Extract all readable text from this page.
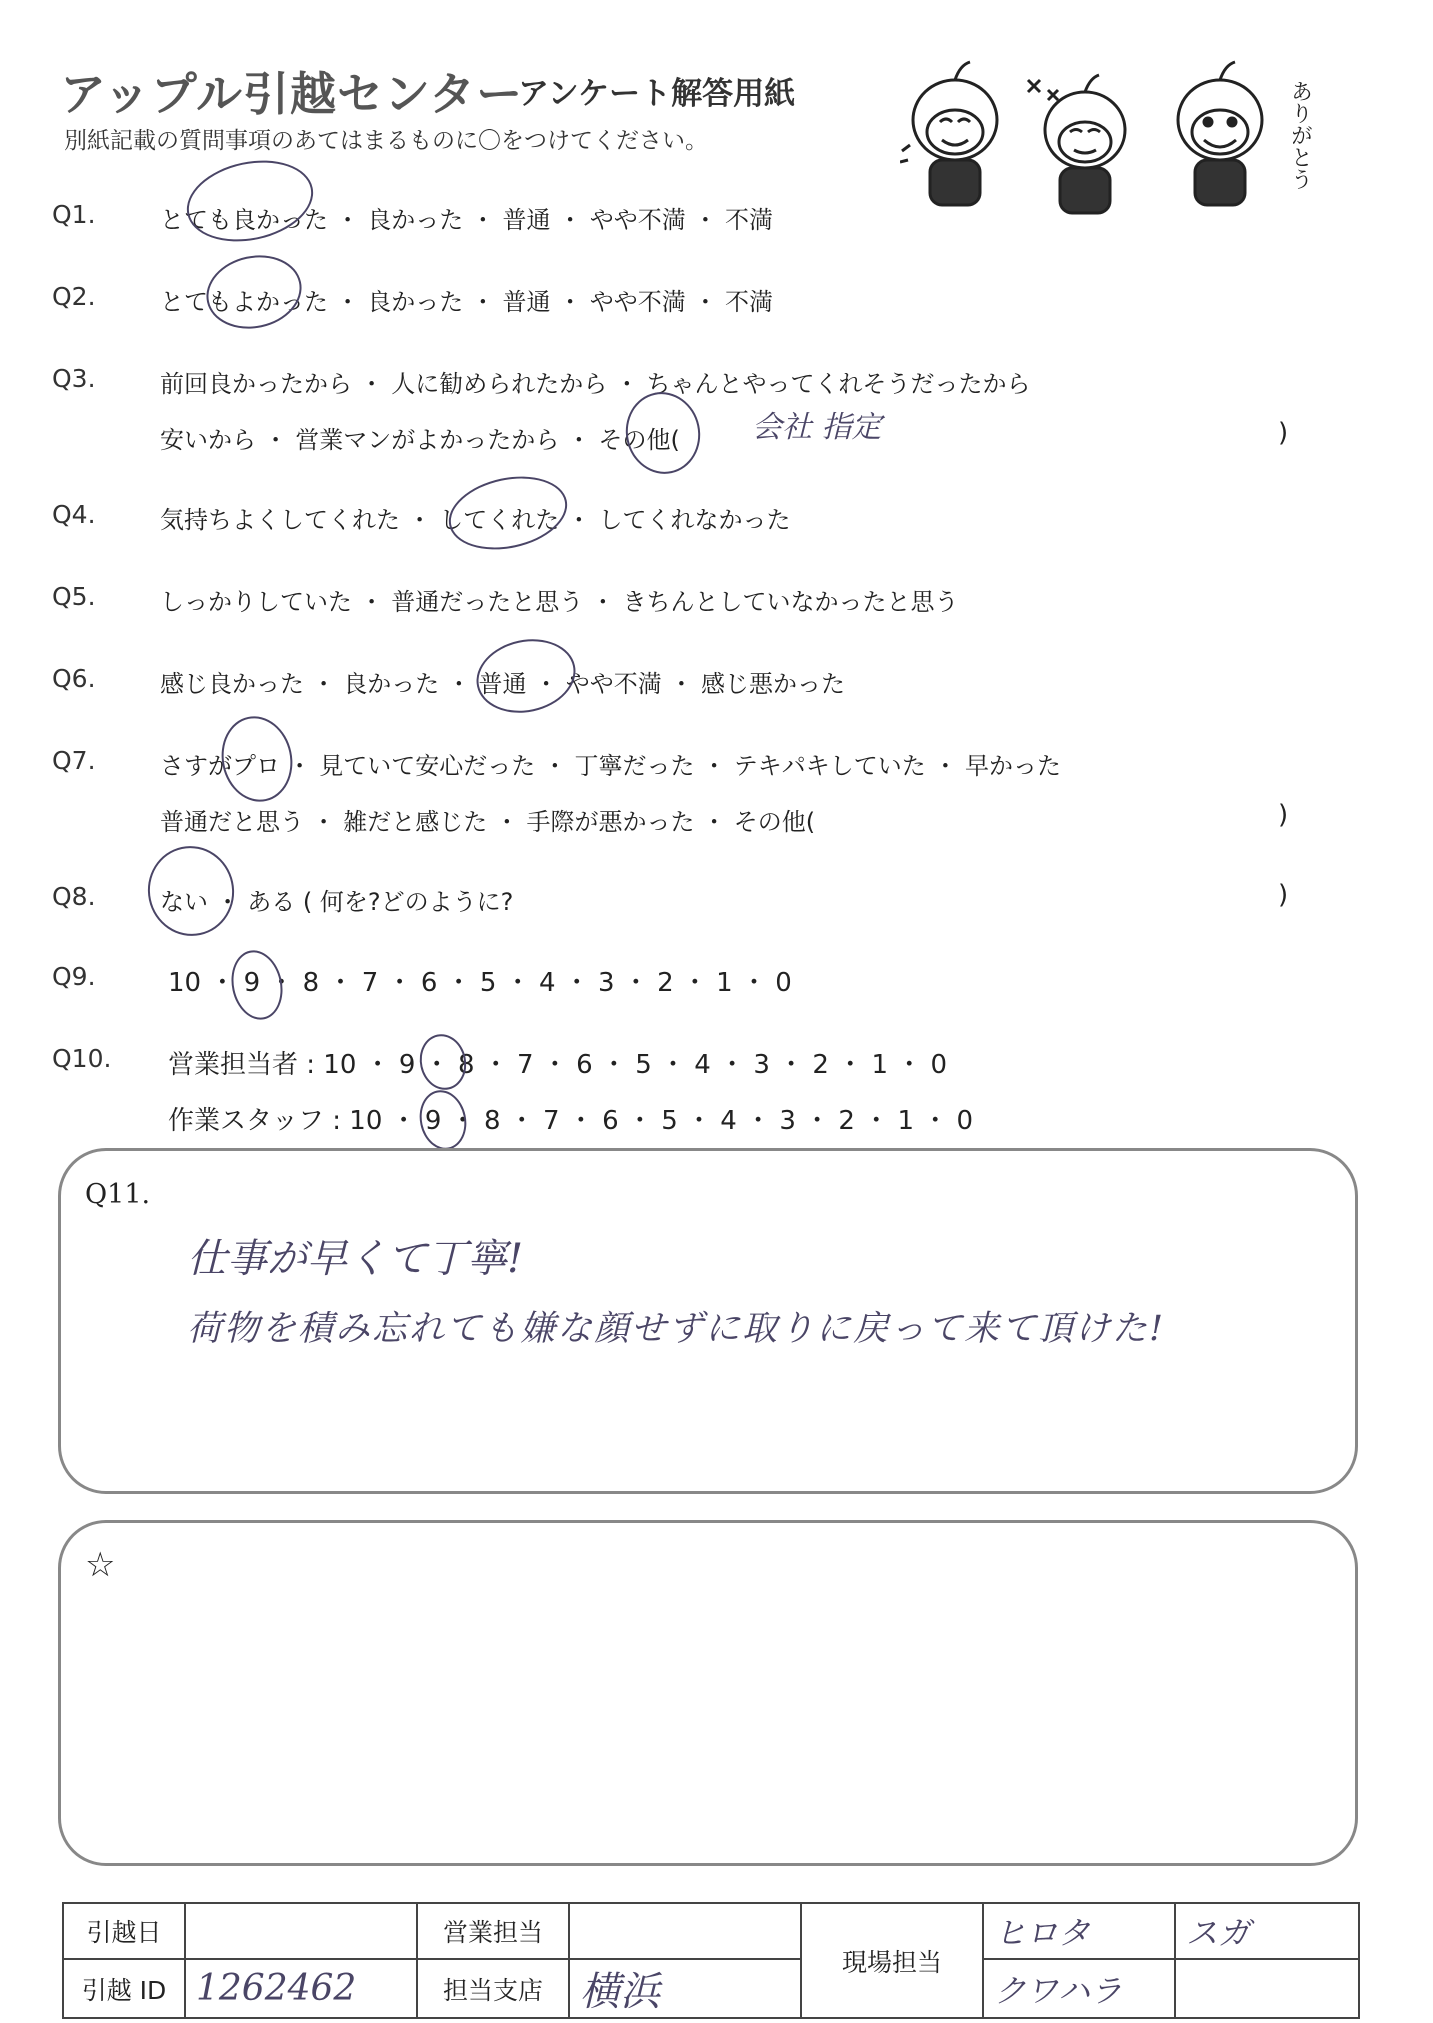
アップル引越センター
アンケート解答用紙
別紙記載の質問事項のあてはまるものに〇をつけてください。	ありがとう
Q1.	とても良かった ・ 良かった ・ 普通 ・ やや不満 ・ 不満
Q2.	とてもよかった ・ 良かった ・ 普通 ・ やや不満 ・ 不満
Q3.	前回良かったから ・ 人に勧められたから ・ ちゃんとやってくれそうだったから
安いから ・ 営業マンがよかったから ・ その他(	)
会社 指定
Q4.	気持ちよくしてくれた ・ してくれた ・ してくれなかった
Q5.	しっかりしていた ・ 普通だったと思う ・ きちんとしていなかったと思う
Q6.	感じ良かった ・ 良かった ・ 普通 ・ やや不満 ・ 感じ悪かった
Q7.	さすがプロ ・ 見ていて安心だった ・ 丁寧だった ・ テキパキしていた ・ 早かった
普通だと思う ・ 雑だと感じた ・ 手際が悪かった ・ その他(	)
Q8.	ない ・ ある ( 何を?どのように?	)
Q9.	10 ・ 9 ・ 8 ・ 7 ・ 6 ・ 5 ・ 4 ・ 3 ・ 2 ・ 1 ・ 0
Q10. 営業担当者 : 10 ・ 9 ・ 8 ・ 7 ・ 6 ・ 5 ・ 4 ・ 3 ・ 2 ・ 1 ・ 0
作業スタッフ : 10 ・ 9 ・ 8 ・ 7 ・ 6 ・ 5 ・ 4 ・ 3 ・ 2 ・ 1 ・ 0
Q11.
仕事が早くて丁寧!
荷物を積み忘れても嫌な顔せずに取りに戻って来て頂けた!
☆
引越日		営業担当		現場担当	ヒロタ	スガ
引越 ID	1262462	担当支店	横浜		クワハラ	
